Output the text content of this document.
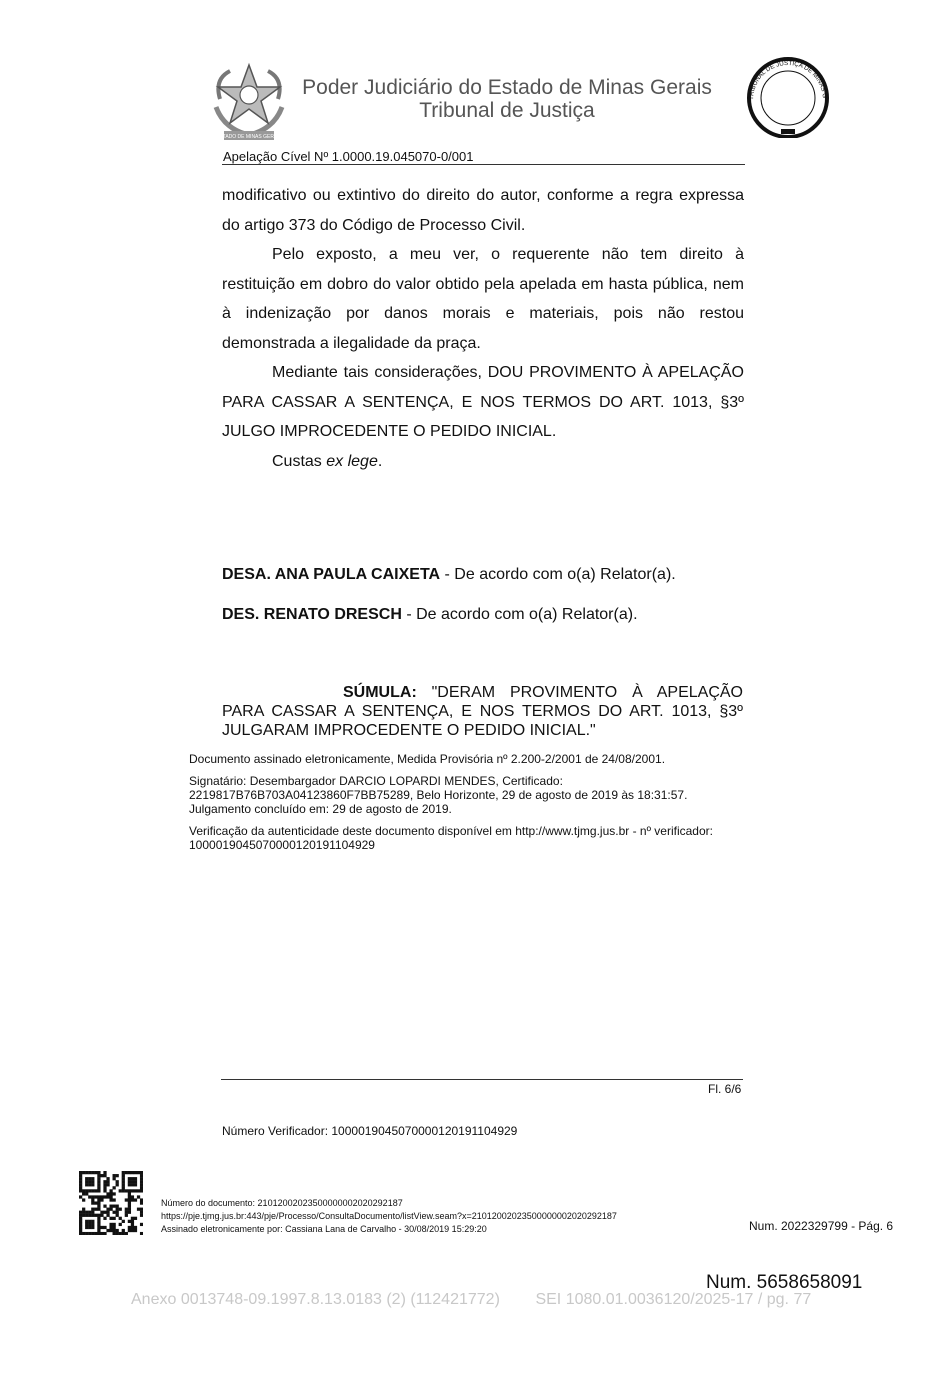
ESTADO DE MINAS GERAIS
Poder Judiciário do Estado de Minas Gerais
Tribunal de Justiça
TRIBUNAL DE JUSTIÇA DE MINAS G
Apelação Cível Nº 1.0000.19.045070-0/001

modificativo ou extintivo do direito do autor, conforme a regra expressa do artigo 373 do Código de Processo Civil.

Pelo exposto, a meu ver, o requerente não tem direito à restituição em dobro do valor obtido pela apelada em hasta pública, nem à indenização por danos morais e materiais, pois não restou demonstrada a ilegalidade da praça.

Mediante tais considerações, DOU PROVIMENTO À APELAÇÃO PARA CASSAR A SENTENÇA, E NOS TERMOS DO ART. 1013, §3º JULGO IMPROCEDENTE O PEDIDO INICIAL.

Custas ex lege.

DESA. ANA PAULA CAIXETA - De acordo com o(a) Relator(a).
DES. RENATO DRESCH - De acordo com o(a) Relator(a).

SÚMULA: "DERAM PROVIMENTO À APELAÇÃO

PARA CASSAR A SENTENÇA, E NOS TERMOS DO ART. 1013, §3º

JULGARAM IMPROCEDENTE O PEDIDO INICIAL."

Documento assinado eletronicamente, Medida Provisória nº 2.200-2/2001 de 24/08/2001.

Signatário: Desembargador DARCIO LOPARDI MENDES, Certificado:

2219817B76B703A04123860F7BB75289, Belo Horizonte, 29 de agosto de 2019 às 18:31:57.

Julgamento concluído em: 29 de agosto de 2019.

Verificação da autenticidade deste documento disponível em http://www.tjmg.jus.br - nº verificador:

1000019045070000120191104929

Fl. 6/6
Número Verificador: 1000019045070000120191104929
Número do documento: 21012002023500000002020292187
https://pje.tjmg.jus.br:443/pje/Processo/ConsultaDocumento/listView.seam?x=21012002023500000002020292187
Assinado eletronicamente por: Cassiana Lana de Carvalho - 30/08/2019 15:29:20	Num. 2022329799 - Pág. 6
Num. 5658658091
Anexo 0013748-09.1997.8.13.0183 (2) (112421772)        SEI 1080.01.0036120/2025-17 / pg. 77
